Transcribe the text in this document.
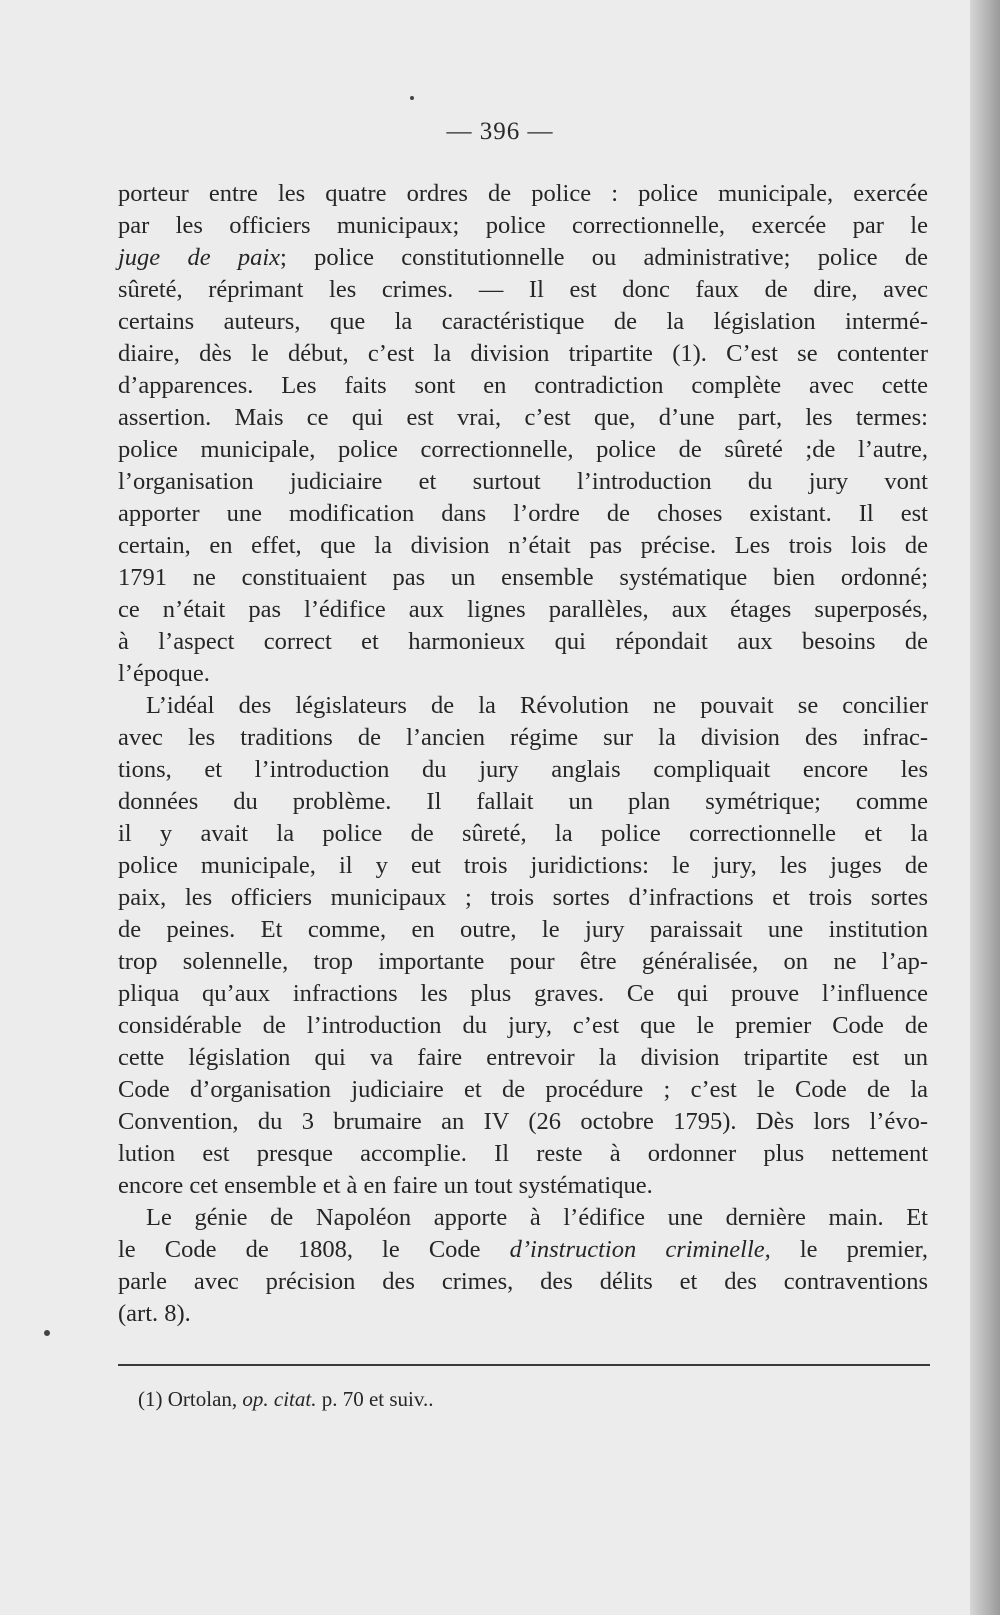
— 396 —
porteur entre les quatre ordres de police : police municipale, exercée
par les officiers municipaux; police correctionnelle, exercée par le
juge de paix; police constitutionnelle ou administrative; police de
sûreté, réprimant les crimes. — Il est donc faux de dire, avec
certains auteurs, que la caractéristique de la législation intermé-
diaire, dès le début, c’est la division tripartite (1). C’est se contenter
d’apparences. Les faits sont en contradiction complète avec cette
assertion. Mais ce qui est vrai, c’est que, d’une part, les termes:
police municipale, police correctionnelle, police de sûreté ;de l’autre,
l’organisation judiciaire et surtout l’introduction du jury vont
apporter une modification dans l’ordre de choses existant. Il est
certain, en effet, que la division n’était pas précise. Les trois lois de
1791 ne constituaient pas un ensemble systématique bien ordonné;
ce n’était pas l’édifice aux lignes parallèles, aux étages superposés,
à l’aspect correct et harmonieux qui répondait aux besoins de
l’époque.
L’idéal des législateurs de la Révolution ne pouvait se concilier
avec les traditions de l’ancien régime sur la division des infrac-
tions, et l’introduction du jury anglais compliquait encore les
données du problème. Il fallait un plan symétrique; comme
il y avait la police de sûreté, la police correctionnelle et la
police municipale, il y eut trois juridictions: le jury, les juges de
paix, les officiers municipaux ; trois sortes d’infractions et trois sortes
de peines. Et comme, en outre, le jury paraissait une institution
trop solennelle, trop importante pour être généralisée, on ne l’ap-
pliqua qu’aux infractions les plus graves. Ce qui prouve l’influence
considérable de l’introduction du jury, c’est que le premier Code de
cette législation qui va faire entrevoir la division tripartite est un
Code d’organisation judiciaire et de procédure ; c’est le Code de la
Convention, du 3 brumaire an IV (26 octobre 1795). Dès lors l’évo-
lution est presque accomplie. Il reste à ordonner plus nettement
encore cet ensemble et à en faire un tout systématique.
Le génie de Napoléon apporte à l’édifice une dernière main. Et
le Code de 1808, le Code d’instruction criminelle, le premier,
parle avec précision des crimes, des délits et des contraventions
(art. 8).
(1) Ortolan, op. citat. p. 70 et suiv..
